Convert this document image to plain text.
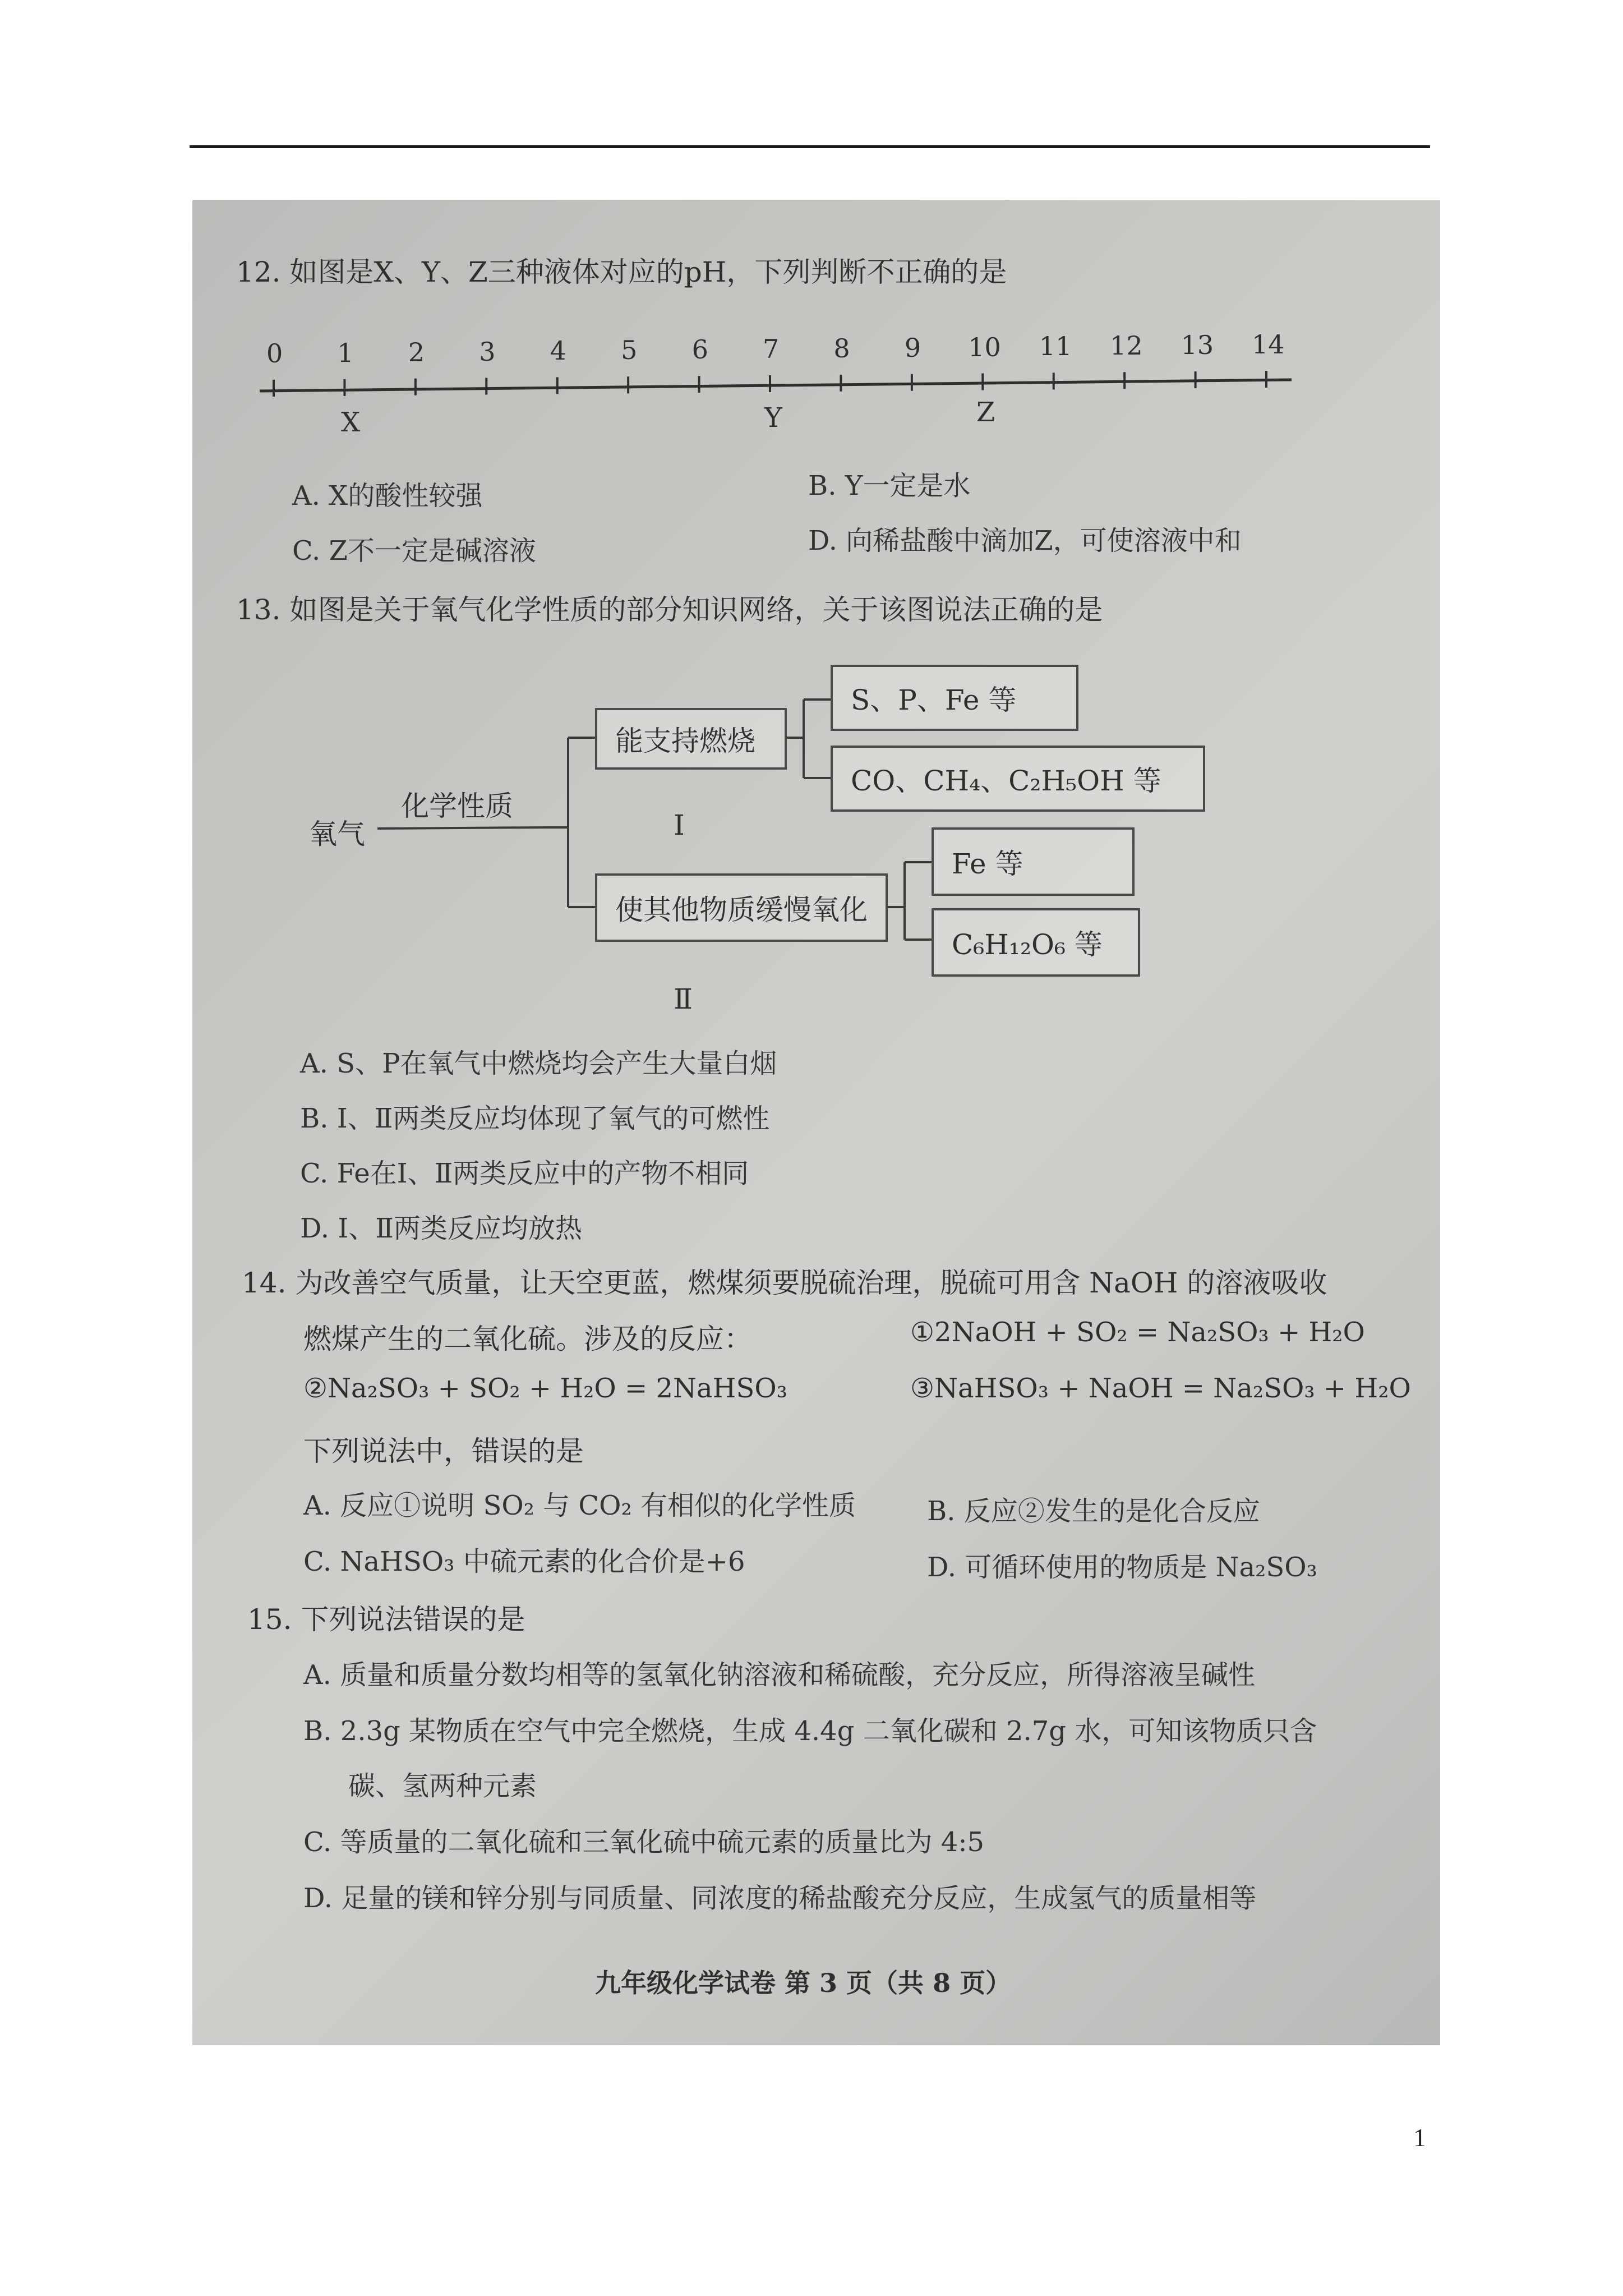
12. 如图是X、Y、Z三种液体对应的pH，下列判断不正确的是
0 1 2 3 4 5 6 7 8 9 10 11 12 13 14
X	Y	Z
A. X的酸性较强	B. Y一定是水
C. Z不一定是碱溶液	D. 向稀盐酸中滴加Z，可使溶液中和
13. 如图是关于氧气化学性质的部分知识网络，关于该图说法正确的是
氧气
化学性质
能支持燃烧
Ⅰ
S、P、Fe 等
CO、CH₄、C₂H₅OH 等
使其他物质缓慢氧化
Ⅱ
Fe 等
C₆H₁₂O₆ 等
A. S、P在氧气中燃烧均会产生大量白烟
B. Ⅰ、Ⅱ两类反应均体现了氧气的可燃性
C. Fe在Ⅰ、Ⅱ两类反应中的产物不相同
D. Ⅰ、Ⅱ两类反应均放热
14. 为改善空气质量，让天空更蓝，燃煤须要脱硫治理，脱硫可用含 NaOH 的溶液吸收
燃煤产生的二氧化硫。涉及的反应：	①2NaOH + SO₂ = Na₂SO₃ + H₂O
②Na₂SO₃ + SO₂ + H₂O = 2NaHSO₃	③NaHSO₃ + NaOH = Na₂SO₃ + H₂O
下列说法中，错误的是
A. 反应①说明 SO₂ 与 CO₂ 有相似的化学性质	B. 反应②发生的是化合反应
C. NaHSO₃ 中硫元素的化合价是+6	D. 可循环使用的物质是 Na₂SO₃
15. 下列说法错误的是
A. 质量和质量分数均相等的氢氧化钠溶液和稀硫酸，充分反应，所得溶液呈碱性
B. 2.3g 某物质在空气中完全燃烧，生成 4.4g 二氧化碳和 2.7g 水，可知该物质只含
碳、氢两种元素
C. 等质量的二氧化硫和三氧化硫中硫元素的质量比为 4:5
D. 足量的镁和锌分别与同质量、同浓度的稀盐酸充分反应，生成氢气的质量相等
九年级化学试卷 第 3 页（共 8 页）
1
